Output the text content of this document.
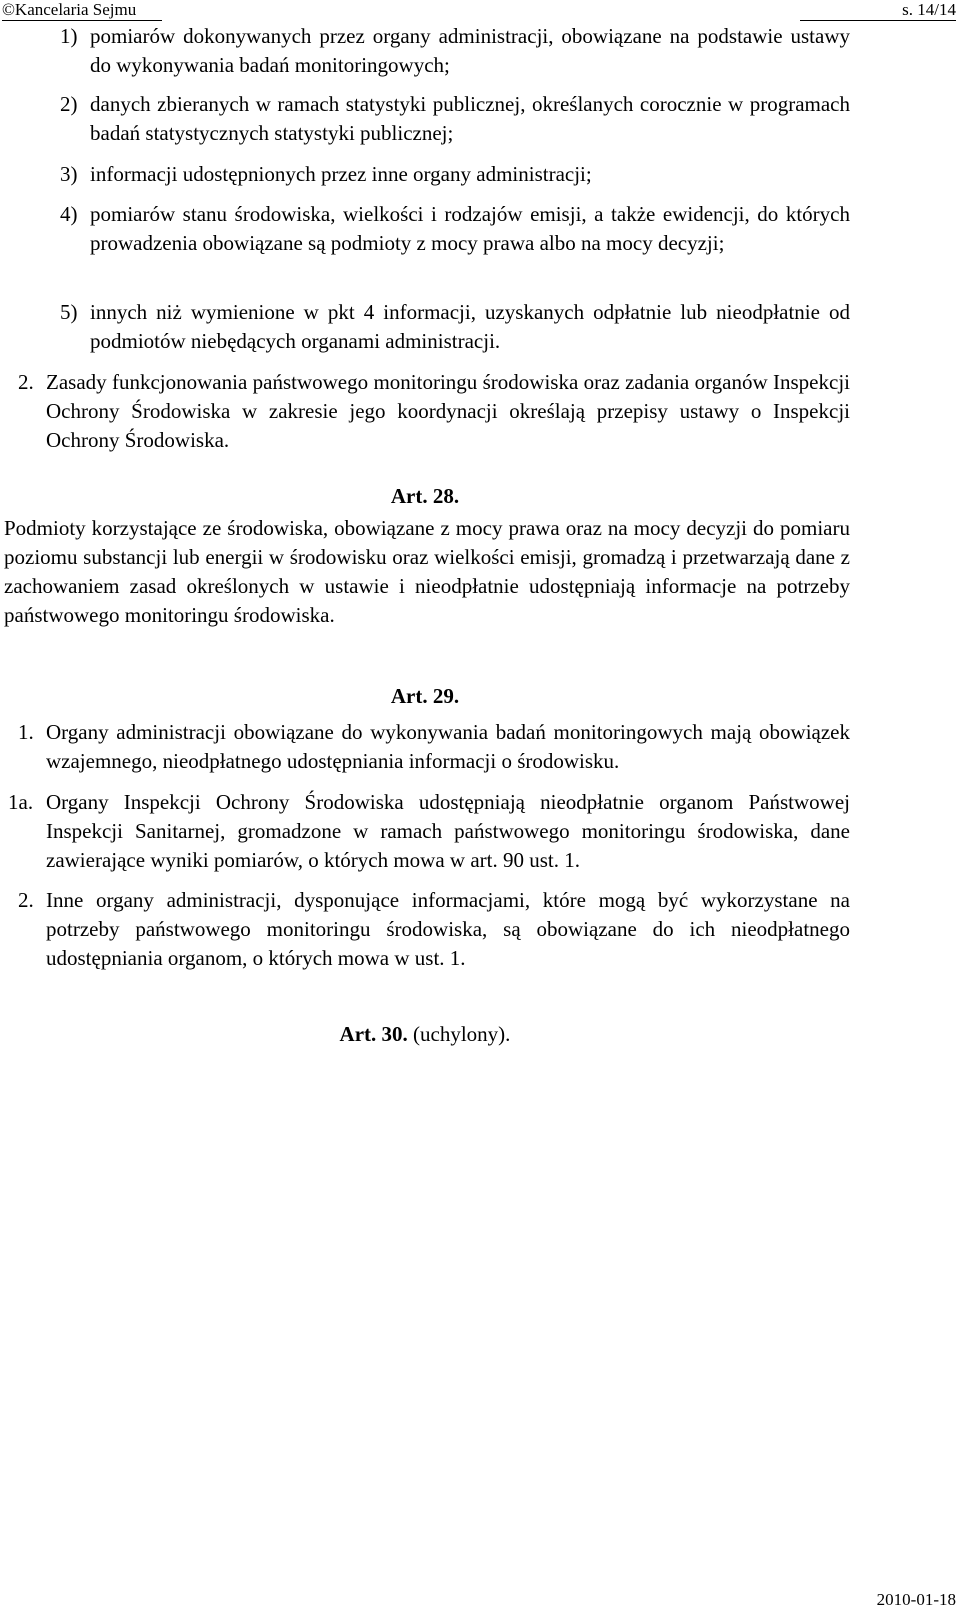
©Kancelaria Sejmu	s. 14/14
1) pomiarów dokonywanych przez organy administracji, obowiązane na podstawie ustawy do wykonywania badań monitoringowych;
2) danych zbieranych w ramach statystyki publicznej, określanych corocznie w programach badań statystycznych statystyki publicznej;
3) informacji udostępnionych przez inne organy administracji;
4) pomiarów stanu środowiska, wielkości i rodzajów emisji, a także ewidencji, do których prowadzenia obowiązane są podmioty z mocy prawa albo na mocy decyzji;
5) innych niż wymienione w pkt 4 informacji, uzyskanych odpłatnie lub nieodpłatnie od podmiotów niebędących organami administracji.
2. Zasady funkcjonowania państwowego monitoringu środowiska oraz zadania organów Inspekcji Ochrony Środowiska w zakresie jego koordynacji określają przepisy ustawy o Inspekcji Ochrony Środowiska.
Art. 28.
Podmioty korzystające ze środowiska, obowiązane z mocy prawa oraz na mocy decyzji do pomiaru poziomu substancji lub energii w środowisku oraz wielkości emisji, gromadzą i przetwarzają dane z zachowaniem zasad określonych w ustawie i nieodpłatnie udostępniają informacje na potrzeby państwowego monitoringu środowiska.
Art. 29.
1. Organy administracji obowiązane do wykonywania badań monitoringowych mają obowiązek wzajemnego, nieodpłatnego udostępniania informacji o środowisku.
1a. Organy Inspekcji Ochrony Środowiska udostępniają nieodpłatnie organom Państwowej Inspekcji Sanitarnej, gromadzone w ramach państwowego monitoringu środowiska, dane zawierające wyniki pomiarów, o których mowa w art. 90 ust. 1.
2. Inne organy administracji, dysponujące informacjami, które mogą być wykorzystane na potrzeby państwowego monitoringu środowiska, są obowiązane do ich nieodpłatnego udostępniania organom, o których mowa w ust. 1.
Art. 30. (uchylony).
2010-01-18
